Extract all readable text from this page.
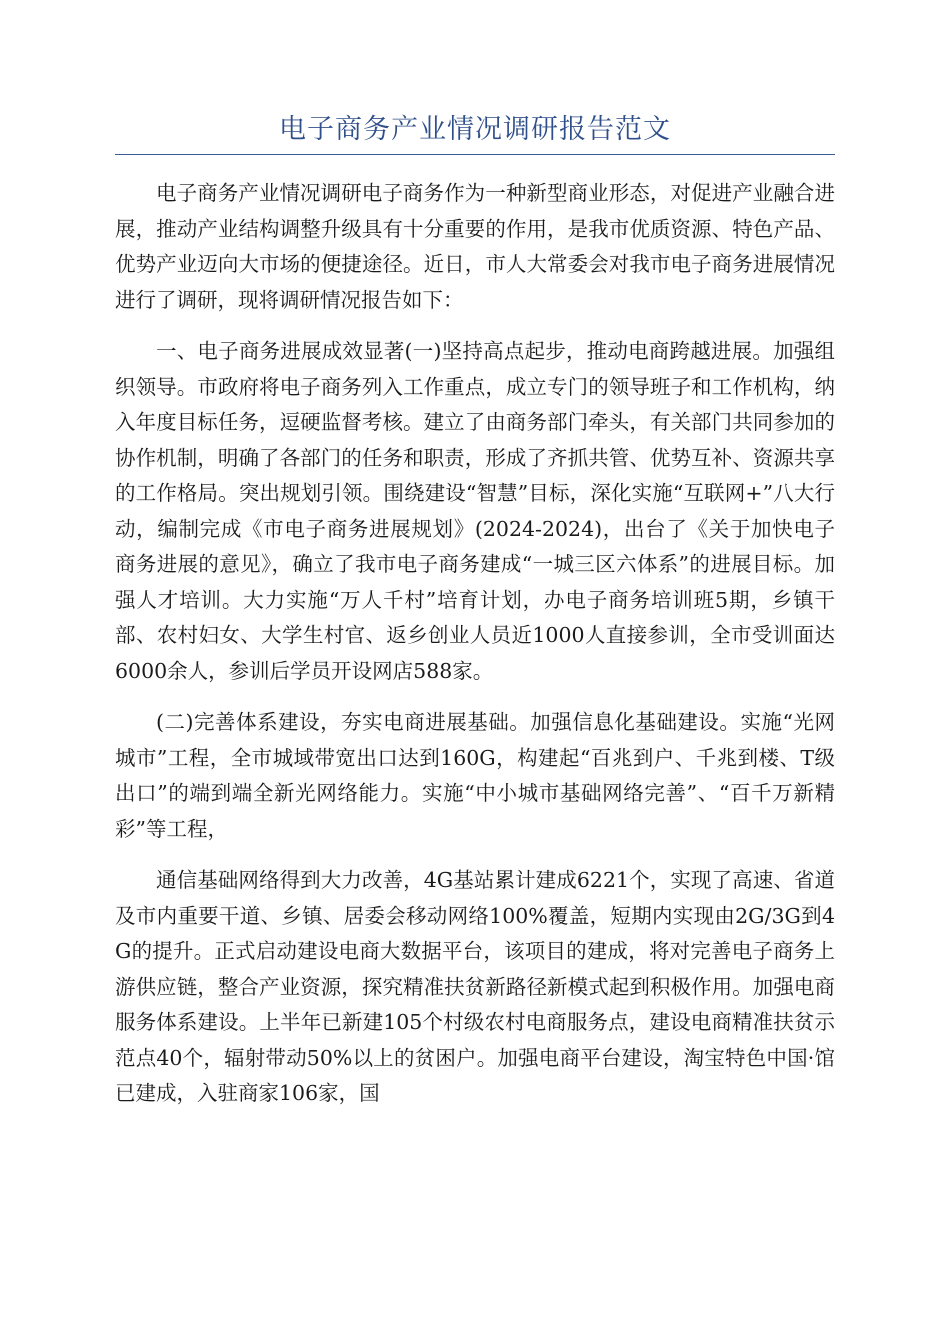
电子商务产业情况调研报告范文

电子商务产业情况调研电子商务作为一种新型商业形态，对促进产业融合进展，推动产业结构调整升级具有十分重要的作用，是我市优质资源、特色产品、优势产业迈向大市场的便捷途径。近日，市人大常委会对我市电子商务进展情况进行了调研，现将调研情况报告如下：

一、电子商务进展成效显著(一)坚持高点起步，推动电商跨越进展。加强组织领导。市政府将电子商务列入工作重点，成立专门的领导班子和工作机构，纳入年度目标任务，逗硬监督考核。建立了由商务部门牵头，有关部门共同参加的协作机制，明确了各部门的任务和职责，形成了齐抓共管、优势互补、资源共享的工作格局。突出规划引领。围绕建设“智慧”目标，深化实施“互联网+”八大行动，编制完成《市电子商务进展规划》(2024-2024)，出台了《关于加快电子商务进展的意见》，确立了我市电子商务建成“一城三区六体系”的进展目标。加强人才培训。大力实施“万人千村”培育计划，办电子商务培训班5期，乡镇干部、农村妇女、大学生村官、返乡创业人员近1000人直接参训，全市受训面达6000余人，参训后学员开设网店588家。

(二)完善体系建设，夯实电商进展基础。加强信息化基础建设。实施“光网城市”工程，全市城域带宽出口达到160G，构建起“百兆到户、千兆到楼、T级出口”的端到端全新光网络能力。实施“中小城市基础网络完善”、“百千万新精彩”等工程，

通信基础网络得到大力改善，4G基站累计建成6221个，实现了高速、省道及市内重要干道、乡镇、居委会移动网络100%覆盖，短期内实现由2G/3G到4G的提升。正式启动建设电商大数据平台，该项目的建成，将对完善电子商务上游供应链，整合产业资源，探究精准扶贫新路径新模式起到积极作用。加强电商服务体系建设。上半年已新建105个村级农村电商服务点，建设电商精准扶贫示范点40个，辐射带动50%以上的贫困户。加强电商平台建设，淘宝特色中国·馆已建成，入驻商家106家，国
